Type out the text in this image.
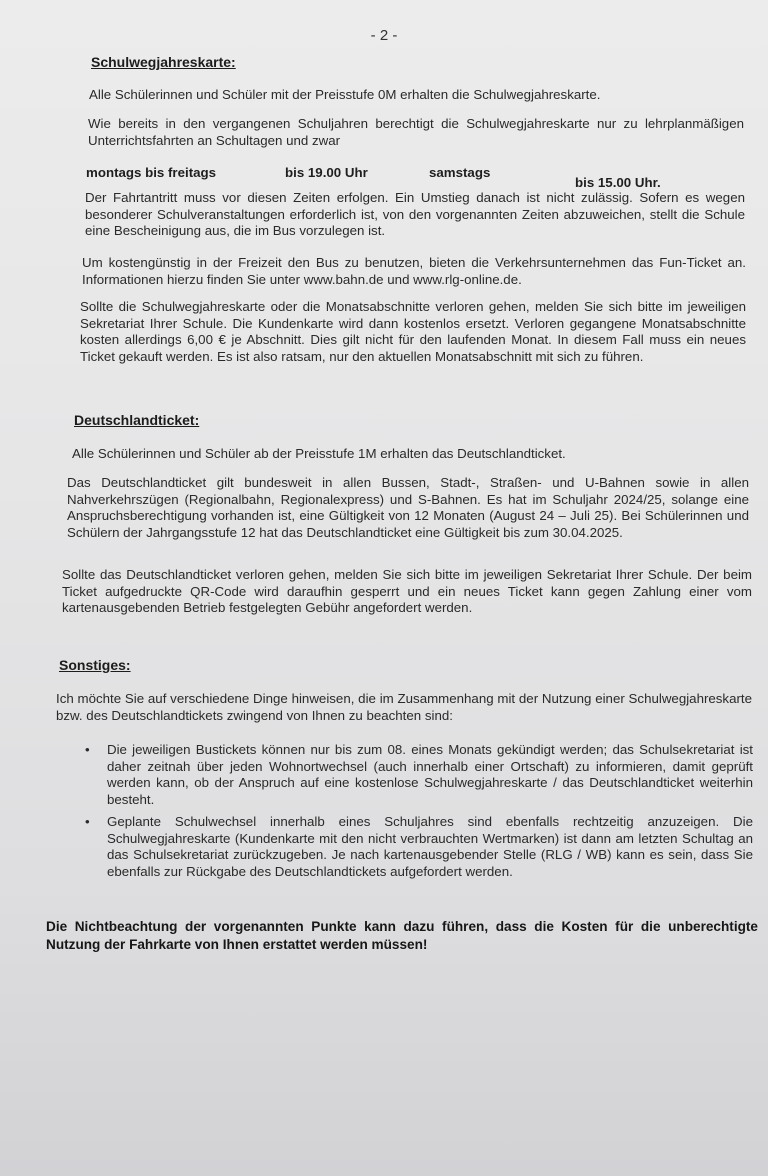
- 2 -
Schulwegjahreskarte:
Alle Schülerinnen und Schüler mit der Preisstufe 0M erhalten die Schulwegjahreskarte.
Wie bereits in den vergangenen Schuljahren berechtigt die Schulwegjahreskarte nur zu lehrplanmäßigen Unterrichtsfahrten an Schultagen und zwar
montags bis freitags	bis 19.00 Uhr	samstags
bis 15.00 Uhr.
Der Fahrtantritt muss vor diesen Zeiten erfolgen. Ein Umstieg danach ist nicht zulässig. Sofern es wegen besonderer Schulveranstaltungen erforderlich ist, von den vorgenannten Zeiten abzuweichen, stellt die Schule eine Bescheinigung aus, die im Bus vorzulegen ist.
Um kostengünstig in der Freizeit den Bus zu benutzen, bieten die Verkehrsunternehmen das Fun-Ticket an. Informationen hierzu finden Sie unter www.bahn.de und www.rlg-online.de.
Sollte die Schulwegjahreskarte oder die Monatsabschnitte verloren gehen, melden Sie sich bitte im jeweiligen Sekretariat Ihrer Schule. Die Kundenkarte wird dann kostenlos ersetzt. Verloren gegangene Monatsabschnitte kosten allerdings 6,00 € je Abschnitt. Dies gilt nicht für den laufenden Monat. In diesem Fall muss ein neues Ticket gekauft werden. Es ist also ratsam, nur den aktuellen Monatsabschnitt mit sich zu führen.
Deutschlandticket:
Alle Schülerinnen und Schüler ab der Preisstufe 1M erhalten das Deutschlandticket.
Das Deutschlandticket gilt bundesweit in allen Bussen, Stadt-, Straßen- und U-Bahnen sowie in allen Nahverkehrszügen (Regionalbahn, Regionalexpress) und S-Bahnen. Es hat im Schuljahr 2024/25, solange eine Anspruchsberechtigung vorhanden ist, eine Gültigkeit von 12 Monaten (August 24 – Juli 25). Bei Schülerinnen und Schülern der Jahrgangsstufe 12 hat das Deutschlandticket eine Gültigkeit bis zum 30.04.2025.
Sollte das Deutschlandticket verloren gehen, melden Sie sich bitte im jeweiligen Sekretariat Ihrer Schule. Der beim Ticket aufgedruckte QR-Code wird daraufhin gesperrt und ein neues Ticket kann gegen Zahlung einer vom kartenausgebenden Betrieb festgelegten Gebühr angefordert werden.
Sonstiges:
Ich möchte Sie auf verschiedene Dinge hinweisen, die im Zusammenhang mit der Nutzung einer Schulwegjahreskarte bzw. des Deutschlandtickets zwingend von Ihnen zu beachten sind:
• Die jeweiligen Bustickets können nur bis zum 08. eines Monats gekündigt werden; das Schulsekretariat ist daher zeitnah über jeden Wohnortwechsel (auch innerhalb einer Ortschaft) zu informieren, damit geprüft werden kann, ob der Anspruch auf eine kostenlose Schulwegjahreskarte / das Deutschlandticket weiterhin besteht.
• Geplante Schulwechsel innerhalb eines Schuljahres sind ebenfalls rechtzeitig anzuzeigen. Die Schulwegjahreskarte (Kundenkarte mit den nicht verbrauchten Wertmarken) ist dann am letzten Schultag an das Schulsekretariat zurückzugeben. Je nach kartenausgebender Stelle (RLG / WB) kann es sein, dass Sie ebenfalls zur Rückgabe des Deutschlandtickets aufgefordert werden.
Die Nichtbeachtung der vorgenannten Punkte kann dazu führen, dass die Kosten für die unberechtigte Nutzung der Fahrkarte von Ihnen erstattet werden müssen!
